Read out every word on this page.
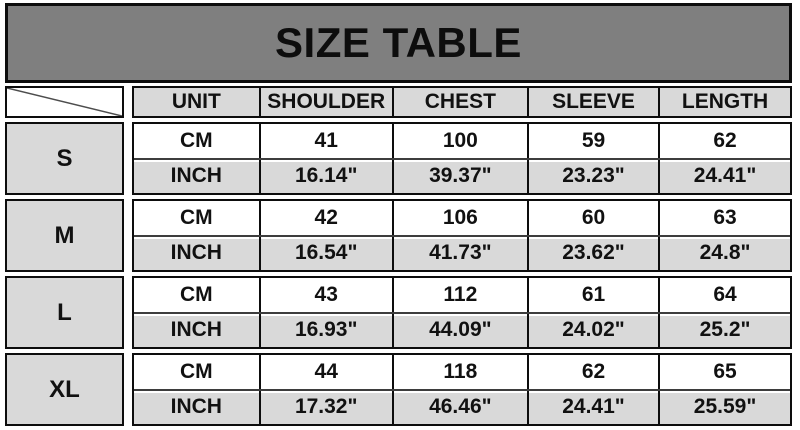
SIZE TABLE
UNIT	SHOULDER	CHEST	SLEEVE	LENGTH
S
CM	41	100	59	62
INCH	16.14"	39.37"	23.23"	24.41"
M
CM	42	106	60	63
INCH	16.54"	41.73"	23.62"	24.8"
L
CM	43	112	61	64
INCH	16.93"	44.09"	24.02"	25.2"
XL
CM	44	118	62	65
INCH	17.32"	46.46"	24.41"	25.59"
